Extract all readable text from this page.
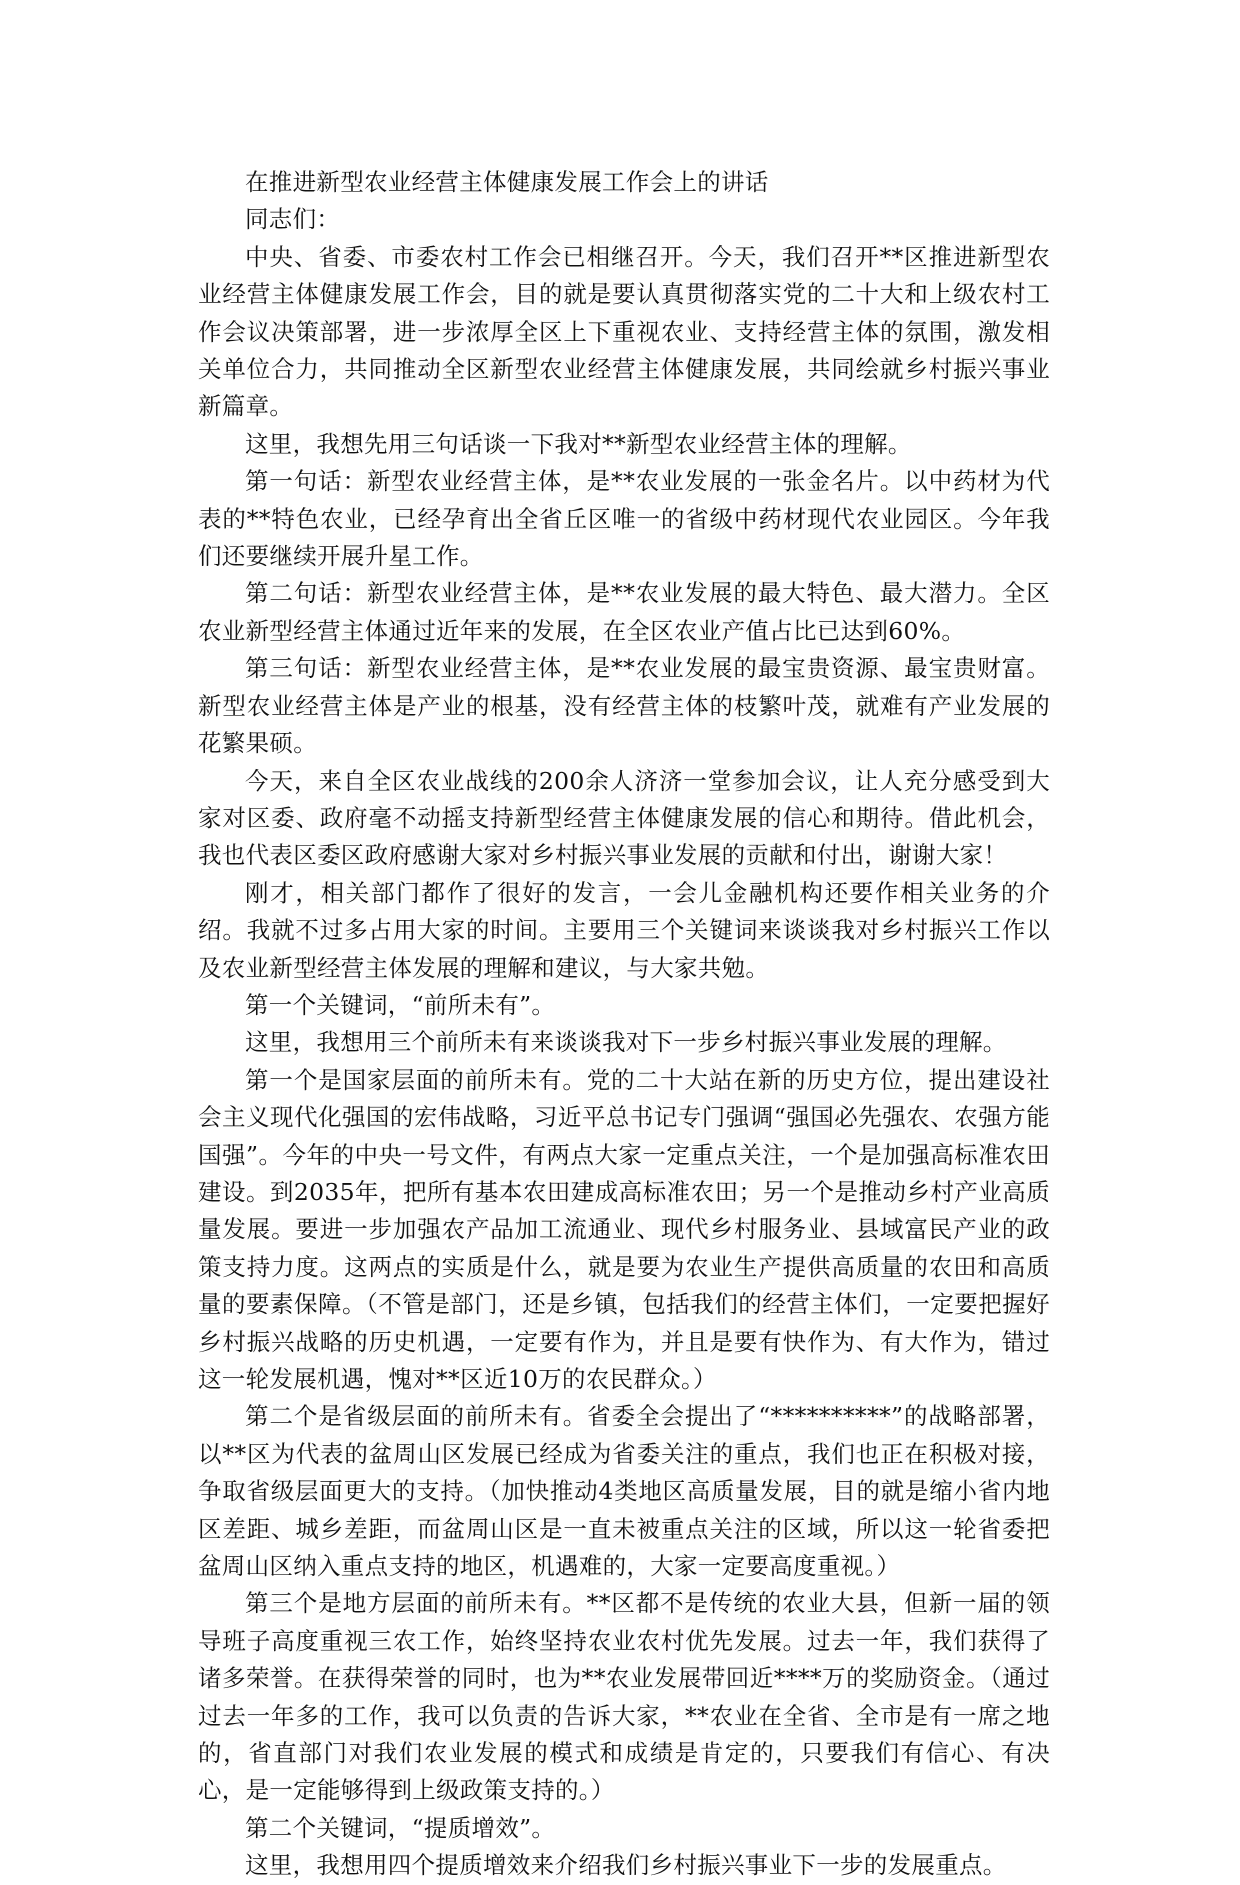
在推进新型农业经营主体健康发展工作会上的讲话

同志们：

中央、省委、市委农村工作会已相继召开。今天，我们召开**区推进新型农业经营主体健康发展工作会，目的就是要认真贯彻落实党的二十大和上级农村工作会议决策部署，进一步浓厚全区上下重视农业、支持经营主体的氛围，激发相关单位合力，共同推动全区新型农业经营主体健康发展，共同绘就乡村振兴事业新篇章。

这里，我想先用三句话谈一下我对**新型农业经营主体的理解。

第一句话：新型农业经营主体，是**农业发展的一张金名片。以中药材为代表的**特色农业，已经孕育出全省丘区唯一的省级中药材现代农业园区。今年我们还要继续开展升星工作。

第二句话：新型农业经营主体，是**农业发展的最大特色、最大潜力。全区农业新型经营主体通过近年来的发展，在全区农业产值占比已达到60%。

第三句话：新型农业经营主体，是**农业发展的最宝贵资源、最宝贵财富。新型农业经营主体是产业的根基，没有经营主体的枝繁叶茂，就难有产业发展的花繁果硕。

今天，来自全区农业战线的200余人济济一堂参加会议，让人充分感受到大家对区委、政府毫不动摇支持新型经营主体健康发展的信心和期待。借此机会，我也代表区委区政府感谢大家对乡村振兴事业发展的贡献和付出，谢谢大家！

刚才，相关部门都作了很好的发言，一会儿金融机构还要作相关业务的介绍。我就不过多占用大家的时间。主要用三个关键词来谈谈我对乡村振兴工作以及农业新型经营主体发展的理解和建议，与大家共勉。

第一个关键词，“前所未有”。

这里，我想用三个前所未有来谈谈我对下一步乡村振兴事业发展的理解。

第一个是国家层面的前所未有。党的二十大站在新的历史方位，提出建设社会主义现代化强国的宏伟战略，习近平总书记专门强调“强国必先强农、农强方能国强”。今年的中央一号文件，有两点大家一定重点关注，一个是加强高标准农田建设。到2035年，把所有基本农田建成高标准农田；另一个是推动乡村产业高质量发展。要进一步加强农产品加工流通业、现代乡村服务业、县域富民产业的政策支持力度。这两点的实质是什么，就是要为农业生产提供高质量的农田和高质量的要素保障。（不管是部门，还是乡镇，包括我们的经营主体们，一定要把握好乡村振兴战略的历史机遇，一定要有作为，并且是要有快作为、有大作为，错过这一轮发展机遇，愧对**区近10万的农民群众。）

第二个是省级层面的前所未有。省委全会提出了“**********”的战略部署，以**区为代表的盆周山区发展已经成为省委关注的重点，我们也正在积极对接，争取省级层面更大的支持。（加快推动4类地区高质量发展，目的就是缩小省内地区差距、城乡差距，而盆周山区是一直未被重点关注的区域，所以这一轮省委把盆周山区纳入重点支持的地区，机遇难的，大家一定要高度重视。）

第三个是地方层面的前所未有。**区都不是传统的农业大县，但新一届的领导班子高度重视三农工作，始终坚持农业农村优先发展。过去一年，我们获得了诸多荣誉。在获得荣誉的同时，也为**农业发展带回近****万的奖励资金。（通过过去一年多的工作，我可以负责的告诉大家，**农业在全省、全市是有一席之地的，省直部门对我们农业发展的模式和成绩是肯定的，只要我们有信心、有决心，是一定能够得到上级政策支持的。）

第二个关键词，“提质增效”。

这里，我想用四个提质增效来介绍我们乡村振兴事业下一步的发展重点。
